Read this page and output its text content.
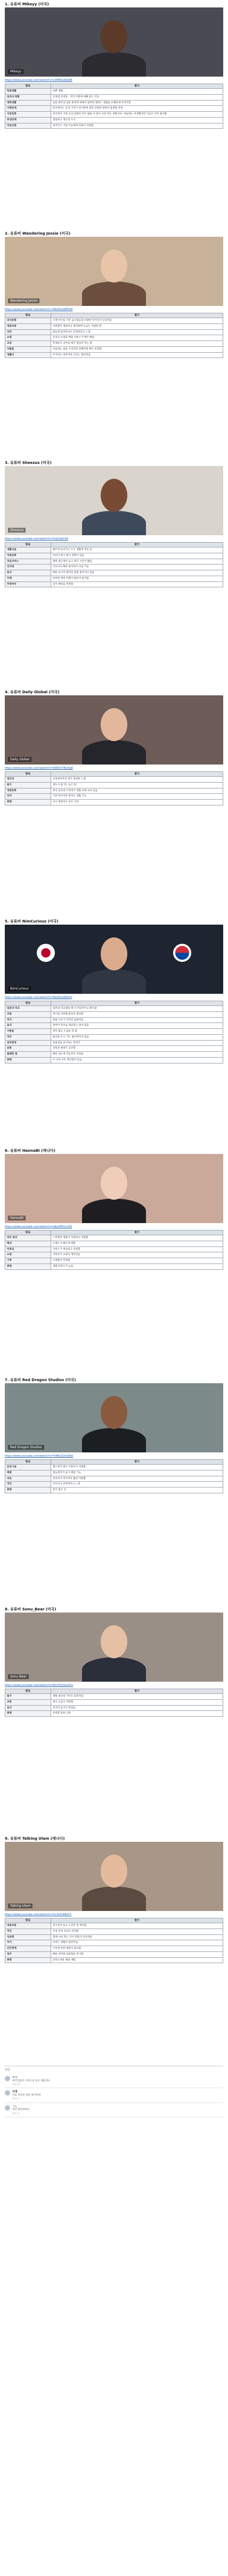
1. 유튜버 Mikeyy (미국)
Mikeyy
https://www.youtube.com/watch?v=L5MWLQbS0IE
항목	평가
학창생활	바쁜 생활
일자리 현황	안정됨 안정됨 · 지역 사회에 대해 좋은 인상
대학생활	동문 위주의 입문 환경에 대해서 말하며 캠퍼스 생활을 유쾌하게 이야기함
사회문제	한국에서는 동적 기억이 증가하며 전투 인원에 관하여 충전함 추세
식당문화	한국에서 가장 인상 깊었던 것은 밥을 다 같이 나눠 먹는 문화이다. 처음에는 어색했지만 지금은 아주 좋아함
위생상태	깔끔하고 정돈된 도시
의료보험	외국인도 가입 가능하며 비용이 저렴함
2. 유튜버 Wandering Jessie (미국)
Wandering Jessie
https://www.youtube.com/watch?v=Rbd0hyWE5d0
항목	평가
외식문화	오랜 역사를 가진 음식점들과 다양한 먹거리가 인상적임
대중교통	지하철이 깨끗하고 편리하며 요금도 저렴한 편
치안	밤늦게 돌아다녀도 안전하다고 느낌
쇼핑	온라인 쇼핑과 배달 서비스가 매우 빠름
교육	학생들이 공부를 매우 열심히 하는 편
사람들	처음에는 낯을 가리지만 친해지면 매우 친절함
생활비	주거비는 비싸지만 식비는 합리적임
3. 유튜버 Sheezus (미국)
Sheezus
https://www.youtube.com/watch?v=hLJlcfwIL5A
항목	평가
생활리듬	빠르게 돌아가는 도시 생활에 적응 중
직장문화	야근이 잦고 회식 문화가 있음
의료서비스	병원 접근성이 높고 대기 시간이 짧음
인터넷	어디서나 빠른 와이파이 사용 가능
음식	매운 음식이 많지만 점점 좋아지고 있음
카페	독특한 테마 카페가 많아서 즐거움
추천여부	장기 체류를 추천함
4. 유튜버 Daily Global (미국)
Daily Global
https://www.youtube.com/watch?v=bWDmTlKx5gA
항목	평가
첫인상	공항에서부터 질서 정연한 느낌
물가	대도시 물가는 높은 편
대중문화	한국 음악과 드라마가 생활 속에 녹아 있음
언어	기본 한국어만 알아도 생활 가능
총평	다시 방문하고 싶은 나라
5. 유튜버 NimCurious (미국)
NimCurious
https://www.youtube.com/watch?v=Nq7KcxZ8p3U
항목	평가
일본과 비교	일본과 비교했을 때 더 역동적이고 활기참
교통	버스와 지하철 환승이 편리함
주거	원룸 구조가 작지만 실용적임
음식	반찬이 무료로 제공되는 점이 좋음
사람들	정이 많고 도움을 잘 줌
치안	물건을 두고 가도 잃어버리지 않음
업무환경	효율성을 중시하는 분위기
문화	전통과 현대가 공존함
불편한 점	빠른 속도에 적응하기 어려움
총평	두 나라 모두 장단점이 있음
6. 유튜버 HannaBi (캐나다)
HannaBi
https://www.youtube.com/watch?v=aKx2P8rLm3Q
항목	평가
외모 관리	스킨케어 제품이 다양하고 저렴함
패션	트렌드가 빠르게 변함
미용실	서비스가 세심하고 친절함
쇼핑	지하상가 쇼핑이 재미있음
기후	사계절이 뚜렷함
총평	생활 만족도가 높음
7. 유튜버 Red Dragon Studios (미국)
Red Dragon Studios
https://www.youtube.com/watch?v=Yt4RcD2mQ9w
항목	평가
운동시설	헬스장이 많고 이용료가 저렴함
배달	밤늦게까지 음식 배달 가능
의료	진료비가 미국보다 훨씬 저렴함
치안	어디서나 안전하다고 느낌
총평	살기 좋은 곳
8. 유튜버 Sonu_Bear (미국)
Sonu Bear
https://www.youtube.com/watch?v=Bm7Qx3LwT2s
항목	평가
물가	생활 필수품 가격은 합리적임
교통	택시 요금이 저렴함
음식	길거리 음식이 맛있음
총평	추천할 만한 나라
9. 유튜버 Talking Ulam (캐나다)
Talking Ulam
https://www.youtube.com/watch?v=Uc3nPv8KdY1
항목	평가
대중교통	정시성이 높고 노선이 잘 정비됨
치안	여성 혼자 다녀도 안전함
식문화	함께 나눠 먹는 식사 문화가 인상적임
주거	아파트 생활이 일반적임
인간관계	나이에 따른 예절이 중요함
업무	빠른 처리와 성실함을 중시함
총평	만족스러운 해외 생활
댓글
ㅇㅇ
외국인들의 시선으로 보니 새롭네요
추천 12
익명
다들 비슷한 점을 좋아하네
추천 5
ㄱㄴ
정리 잘하셨네요
추천 3
